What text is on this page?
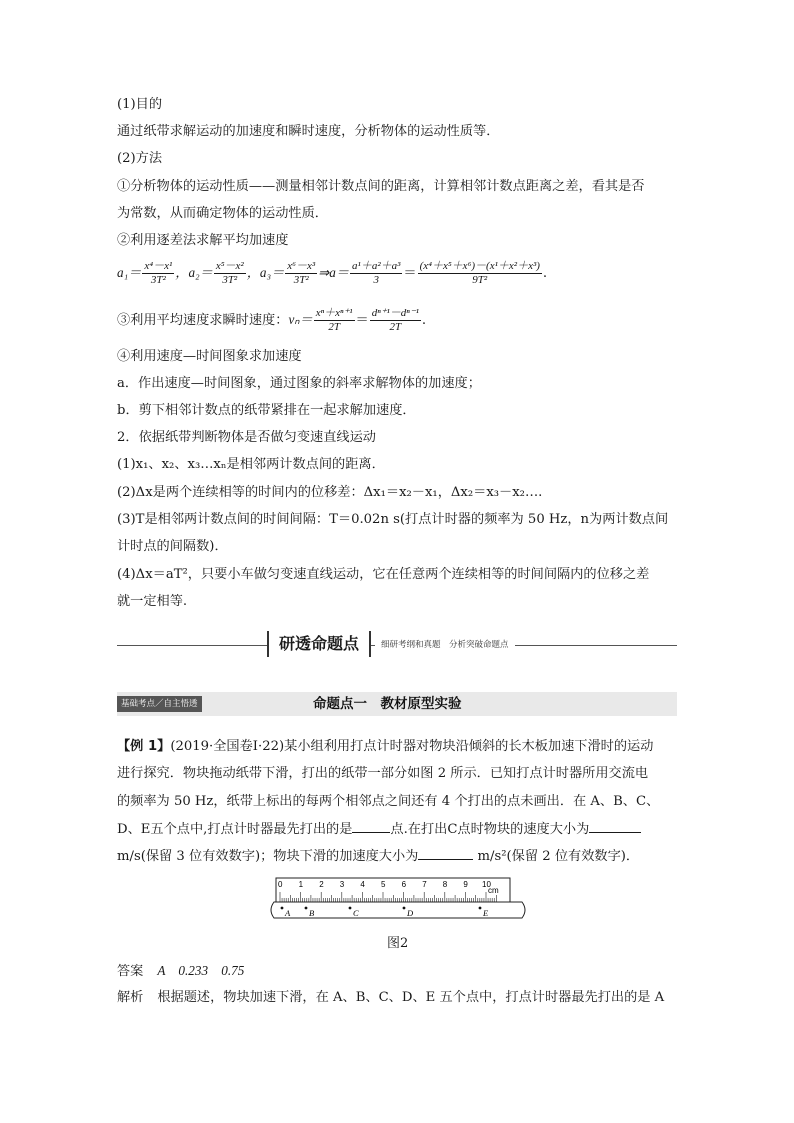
(1)目的
通过纸带求解运动的加速度和瞬时速度，分析物体的运动性质等．
(2)方法
①分析物体的运动性质——测量相邻计数点间的距离，计算相邻计数点距离之差，看其是否
为常数，从而确定物体的运动性质．
②利用逐差法求解平均加速度
$a_1= \frac{\text{x⁴－x¹}}{\text{3T²}}$ ，$a_2= \frac{\text{x⁵－x²}}{\text{3T²}}$ ，$a_3= \frac{\text{x⁶－x³}}{\text{3T²}}$ ⇒a＝ $\frac{\text{a¹＋a²＋a³}}{3} = \frac{\text{(x⁴＋x⁵＋x⁶)－(x¹＋x²＋x³)}}{\text{9T²}}$ .
③利用平均速度求瞬时速度：$v_n= \frac{\text{xⁿ＋xⁿ⁺¹}}{2T} = \frac{\text{dⁿ⁺¹－dⁿ⁻¹}}{2T}$ .
④利用速度—时间图象求加速度
a．作出速度—时间图象，通过图象的斜率求解物体的加速度；
b．剪下相邻计数点的纸带紧排在一起求解加速度．
2．依据纸带判断物体是否做匀变速直线运动
(1)x₁、x₂、x₃…xₙ是相邻两计数点间的距离．
(2)Δx是两个连续相等的时间内的位移差：Δx₁＝x₂－x₁，Δx₂＝x₃－x₂….
(3)T是相邻两计数点间的时间间隔：T＝0.02n s(打点计时器的频率为 50 Hz，n为两计数点间
计时点的间隔数)．
(4)Δx＝aT²，只要小车做匀变速直线运动，它在任意两个连续相等的时间间隔内的位移之差
就一定相等.
研透命题点	细研考纲和真题　分析突破命题点
基础考点／自主悟透	命题点一　教材原型实验
【例 1】(2019·全国卷Ⅰ·22)某小组利用打点计时器对物块沿倾斜的长木板加速下滑时的运动
进行探究．物块拖动纸带下滑，打出的纸带一部分如图 2 所示．已知打点计时器所用交流电
的频率为 50 Hz，纸带上标出的每两个相邻点之间还有 4 个打出的点未画出．在 A、B、C、
D、E五个点中,打点计时器最先打出的是	点.在打出C点时物块的速度大小为
m/s(保留 3 位有效数字)；物块下滑的加速度大小为	m/s²(保留 2 位有效数字)．
0 1 2 3 4 5 6 7 8 9 10
A B	C	D	E
cm
图2
答案 A　0.233　0.75
解析 根据题述，物块加速下滑，在 A、B、C、D、E 五个点中，打点计时器最先打出的是 A
